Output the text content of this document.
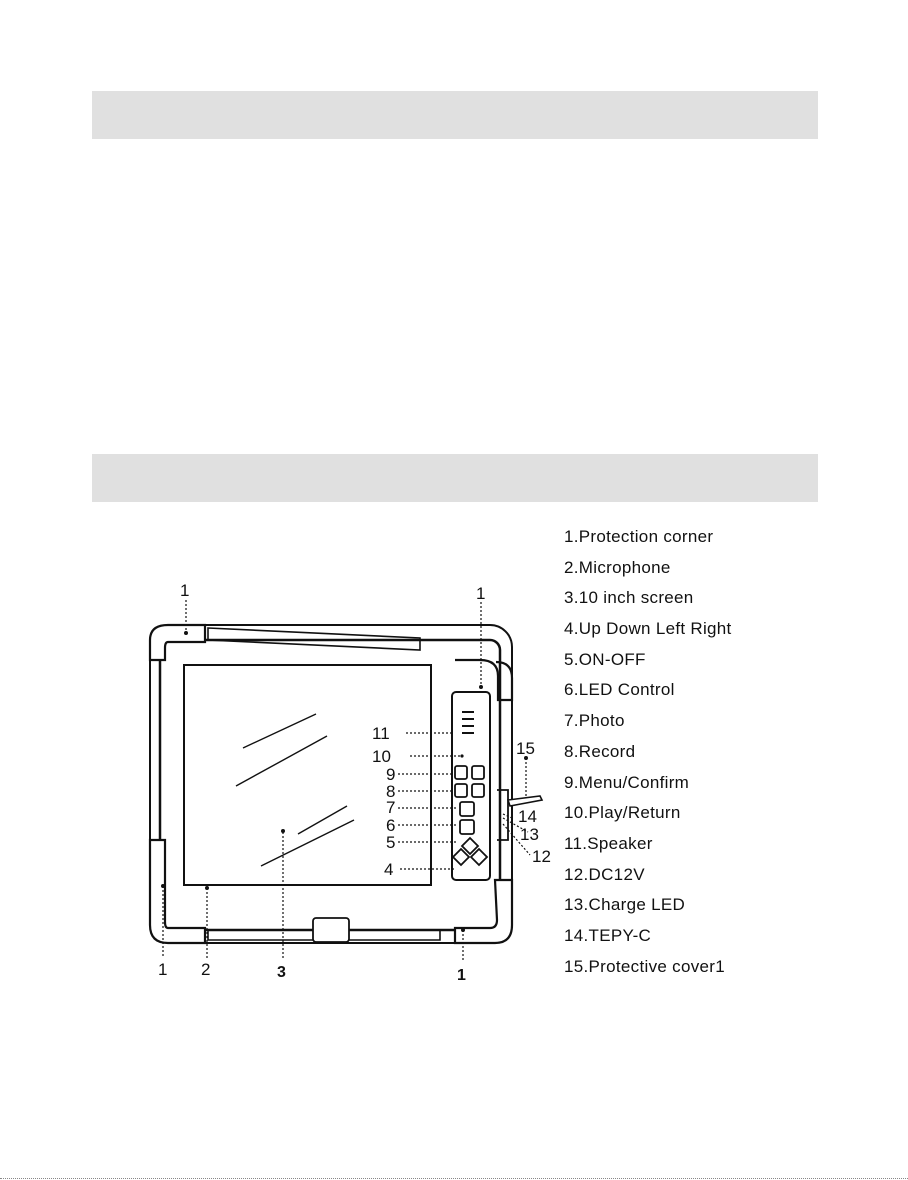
1	1
1 2	3	1
4
5
6
7
8
9
10
11
15
14
13
12
1.Protection corner
2.Microphone
3.10 inch screen
4.Up Down Left Right
5.ON-OFF
6.LED Control
7.Photo
8.Record
9.Menu/Confirm
10.Play/Return
11.Speaker
12.DC12V
13.Charge LED
14.TEPY-C
15.Protective cover1
